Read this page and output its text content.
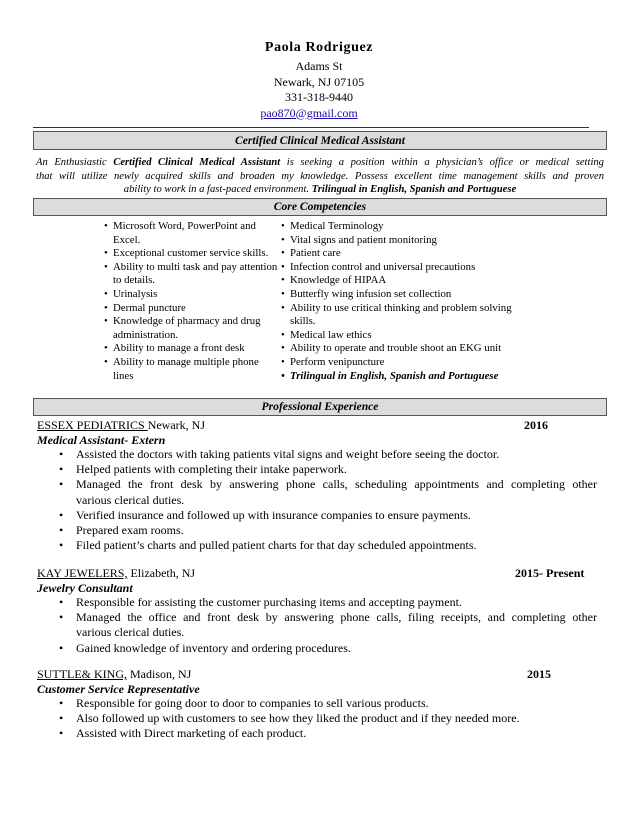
Paola Rodriguez
Adams St
Newark, NJ 07105
331-318-9440
pao870@gmail.com
Certified Clinical Medical Assistant
An Enthusiastic Certified Clinical Medical Assistant is seeking a position within a physician’s office or medical setting
that will utilize newly acquired skills and broaden my knowledge. Possess excellent time management skills and proven
ability to work in a fast-paced environment. Trilingual in English, Spanish and Portuguese
Core Competencies
• Microsoft Word, PowerPoint and Excel.
• Exceptional customer service skills.
• Ability to multi task and pay attention to details.
• Urinalysis
• Dermal puncture
• Knowledge of pharmacy and drug administration.
• Ability to manage a front desk
• Ability to manage multiple phone lines
• Medical Terminology
• Vital signs and patient monitoring
• Patient care
• Infection control and universal precautions
• Knowledge of HIPAA
• Butterfly wing infusion set collection
• Ability to use critical thinking and problem solving skills.
• Medical law ethics
• Ability to operate and trouble shoot an EKG unit
• Perform venipuncture
• Trilingual in English, Spanish and Portuguese
Professional Experience
ESSEX PEDIATRICS Newark, NJ	2016
Medical Assistant- Extern
• Assisted the doctors with taking patients vital signs and weight before seeing the doctor.
• Helped patients with completing their intake paperwork.
• Managed the front desk by answering phone calls, scheduling appointments and completing other
various clerical duties.
• Verified insurance and followed up with insurance companies to ensure payments.
• Prepared exam rooms.
• Filed patient’s charts and pulled patient charts for that day scheduled appointments.
KAY JEWELERS, Elizabeth, NJ	2015- Present
Jewelry Consultant
• Responsible for assisting the customer purchasing items and accepting payment.
• Managed the office and front desk by answering phone calls, filing receipts, and completing other
various clerical duties.
• Gained knowledge of inventory and ordering procedures.
SUTTLE& KING, Madison, NJ	2015
Customer Service Representative
• Responsible for going door to door to companies to sell various products.
• Also followed up with customers to see how they liked the product and if they needed more.
• Assisted with Direct marketing of each product.
